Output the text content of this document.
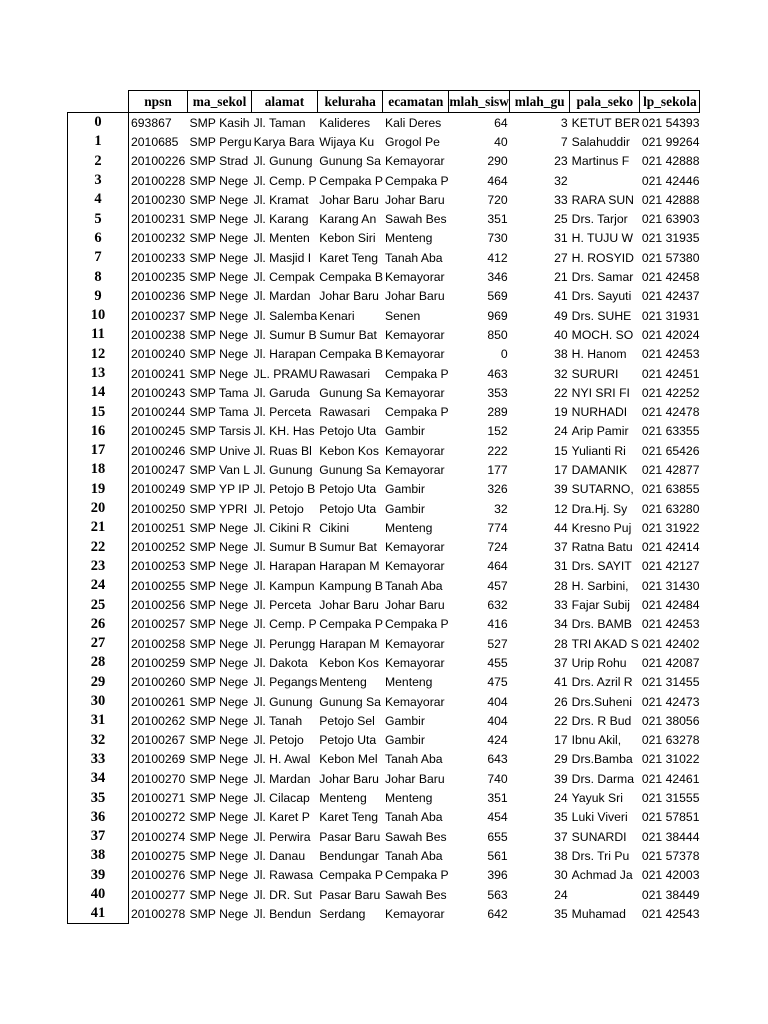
	npsn	ma_sekol	alamat	keluraha	ecamatan	mlah_sisw	mlah_gu	pala_seko	lp_sekola
0	693867	SMP Kasih	Jl. Taman	Kalideres	Kali Deres	64	3	KETUT BER	021 54393
1	2010685	SMP Pergu	Karya Bara	Wijaya Ku	Grogol Pe	40	7	Salahuddir	021 99264
2	20100226	SMP Strad	Jl. Gunung	Gunung Sa	Kemayorar	290	23	Martinus F	021 42888
3	20100228	SMP Nege	Jl. Cemp. P	Cempaka P	Cempaka P	464	32		021 42446
4	20100230	SMP Nege	Jl. Kramat	Johar Baru	Johar Baru	720	33	RARA SUN	021 42888
5	20100231	SMP Nege	Jl. Karang	Karang An	Sawah Bes	351	25	Drs. Tarjor	021 63903
6	20100232	SMP Nege	Jl. Menten	Kebon Siri	Menteng	730	31	H. TUJU W	021 31935
7	20100233	SMP Nege	Jl. Masjid I	Karet Teng	Tanah Aba	412	27	H. ROSYID	021 57380
8	20100235	SMP Nege	Jl. Cempak	Cempaka B	Kemayorar	346	21	Drs. Samar	021 42458
9	20100236	SMP Nege	Jl. Mardan	Johar Baru	Johar Baru	569	41	Drs. Sayuti	021 42437
10	20100237	SMP Nege	Jl. Salemba	Kenari	Senen	969	49	Drs. SUHE	021 31931
11	20100238	SMP Nege	Jl. Sumur B	Sumur Bat	Kemayorar	850	40	MOCH. SO	021 42024
12	20100240	SMP Nege	Jl. Harapan	Cempaka B	Kemayorar	0	38	H. Hanom	021 42453
13	20100241	SMP Nege	JL. PRAMU	Rawasari	Cempaka P	463	32	SURURI	021 42451
14	20100243	SMP Tama	Jl. Garuda	Gunung Sa	Kemayorar	353	22	NYI SRI FI	021 42252
15	20100244	SMP Tama	Jl. Perceta	Rawasari	Cempaka P	289	19	NURHADI	021 42478
16	20100245	SMP Tarsis	Jl. KH. Has	Petojo Uta	Gambir	152	24	Arip Pamir	021 63355
17	20100246	SMP Unive	Jl. Ruas Bl	Kebon Kos	Kemayorar	222	15	Yulianti Ri	021 65426
18	20100247	SMP Van L	Jl. Gunung	Gunung Sa	Kemayorar	177	17	DAMANIK	021 42877
19	20100249	SMP YP IP	Jl. Petojo B	Petojo Uta	Gambir	326	39	SUTARNO,	021 63855
20	20100250	SMP YPRI	Jl. Petojo	Petojo Uta	Gambir	32	12	Dra.Hj. Sy	021 63280
21	20100251	SMP Nege	Jl. Cikini R	Cikini	Menteng	774	44	Kresno Puj	021 31922
22	20100252	SMP Nege	Jl. Sumur B	Sumur Bat	Kemayorar	724	37	Ratna Batu	021 42414
23	20100253	SMP Nege	Jl. Harapan	Harapan M	Kemayorar	464	31	Drs. SAYIT	021 42127
24	20100255	SMP Nege	Jl. Kampun	Kampung B	Tanah Aba	457	28	H. Sarbini,	021 31430
25	20100256	SMP Nege	Jl. Perceta	Johar Baru	Johar Baru	632	33	Fajar Subij	021 42484
26	20100257	SMP Nege	Jl. Cemp. P	Cempaka P	Cempaka P	416	34	Drs. BAMB	021 42453
27	20100258	SMP Nege	Jl. Perungg	Harapan M	Kemayorar	527	28	TRI AKAD S	021 42402
28	20100259	SMP Nege	Jl. Dakota	Kebon Kos	Kemayorar	455	37	Urip Rohu	021 42087
29	20100260	SMP Nege	Jl. Pegangs	Menteng	Menteng	475	41	Drs. Azril R	021 31455
30	20100261	SMP Nege	Jl. Gunung	Gunung Sa	Kemayorar	404	26	Drs.Suheni	021 42473
31	20100262	SMP Nege	Jl. Tanah	Petojo Sel	Gambir	404	22	Drs. R Bud	021 38056
32	20100267	SMP Nege	Jl. Petojo	Petojo Uta	Gambir	424	17	Ibnu Akil,	021 63278
33	20100269	SMP Nege	Jl. H. Awal	Kebon Mel	Tanah Aba	643	29	Drs.Bamba	021 31022
34	20100270	SMP Nege	Jl. Mardan	Johar Baru	Johar Baru	740	39	Drs. Darma	021 42461
35	20100271	SMP Nege	Jl. Cilacap	Menteng	Menteng	351	24	Yayuk Sri	021 31555
36	20100272	SMP Nege	Jl. Karet P	Karet Teng	Tanah Aba	454	35	Luki Viveri	021 57851
37	20100274	SMP Nege	Jl. Perwira	Pasar Baru	Sawah Bes	655	37	SUNARDI	021 38444
38	20100275	SMP Nege	Jl. Danau	Bendungar	Tanah Aba	561	38	Drs. Tri Pu	021 57378
39	20100276	SMP Nege	Jl. Rawasa	Cempaka P	Cempaka P	396	30	Achmad Ja	021 42003
40	20100277	SMP Nege	Jl. DR. Sut	Pasar Baru	Sawah Bes	563	24		021 38449
41	20100278	SMP Nege	Jl. Bendun	Serdang	Kemayorar	642	35	Muhamad	021 42543
